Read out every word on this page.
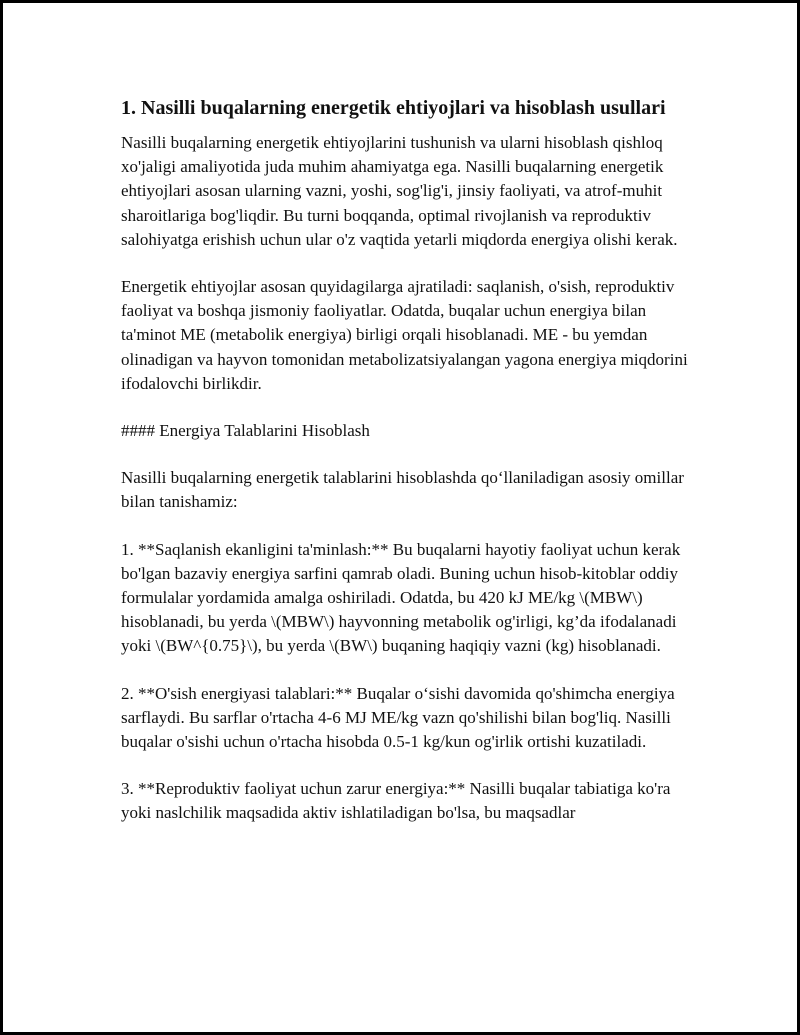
1. Nasilli buqalarning energetik ehtiyojlari va hisoblash usullari

Nasilli buqalarning energetik ehtiyojlarini tushunish va ularni hisoblash qishloq xo'jaligi amaliyotida juda muhim ahamiyatga ega. Nasilli buqalarning energetik ehtiyojlari asosan ularning vazni, yoshi, sog'lig'i, jinsiy faoliyati, va atrof-muhit sharoitlariga bog'liqdir. Bu turni boqqanda, optimal rivojlanish va reproduktiv salohiyatga erishish uchun ular o'z vaqtida yetarli miqdorda energiya olishi kerak.

Energetik ehtiyojlar asosan quyidagilarga ajratiladi: saqlanish, o'sish, reproduktiv faoliyat va boshqa jismoniy faoliyatlar. Odatda, buqalar uchun energiya bilan ta'minot ME (metabolik energiya) birligi orqali hisoblanadi. ME - bu yemdan olinadigan va hayvon tomonidan metabolizatsiyalangan yagona energiya miqdorini ifodalovchi birlikdir.

#### Energiya Talablarini Hisoblash

Nasilli buqalarning energetik talablarini hisoblashda qo‘llaniladigan asosiy omillar bilan tanishamiz:

1. **Saqlanish ekanligini ta'minlash:** Bu buqalarni hayotiy faoliyat uchun kerak bo'lgan bazaviy energiya sarfini qamrab oladi. Buning uchun hisob-kitoblar oddiy formulalar yordamida amalga oshiriladi. Odatda, bu 420 kJ ME/kg \(MBW\) hisoblanadi, bu yerda \(MBW\) hayvonning metabolik og'irligi, kg’da ifodalanadi yoki \(BW^{0.75}\), bu yerda \(BW\) buqaning haqiqiy vazni (kg) hisoblanadi.

2. **O'sish energiyasi talablari:** Buqalar o‘sishi davomida qo'shimcha energiya sarflaydi. Bu sarflar o'rtacha 4-6 MJ ME/kg vazn qo'shilishi bilan bog'liq. Nasilli buqalar o'sishi uchun o'rtacha hisobda 0.5-1 kg/kun og'irlik ortishi kuzatiladi.

3. **Reproduktiv faoliyat uchun zarur energiya:** Nasilli buqalar tabiatiga ko'ra yoki naslchilik maqsadida aktiv ishlatiladigan bo'lsa, bu maqsadlar
